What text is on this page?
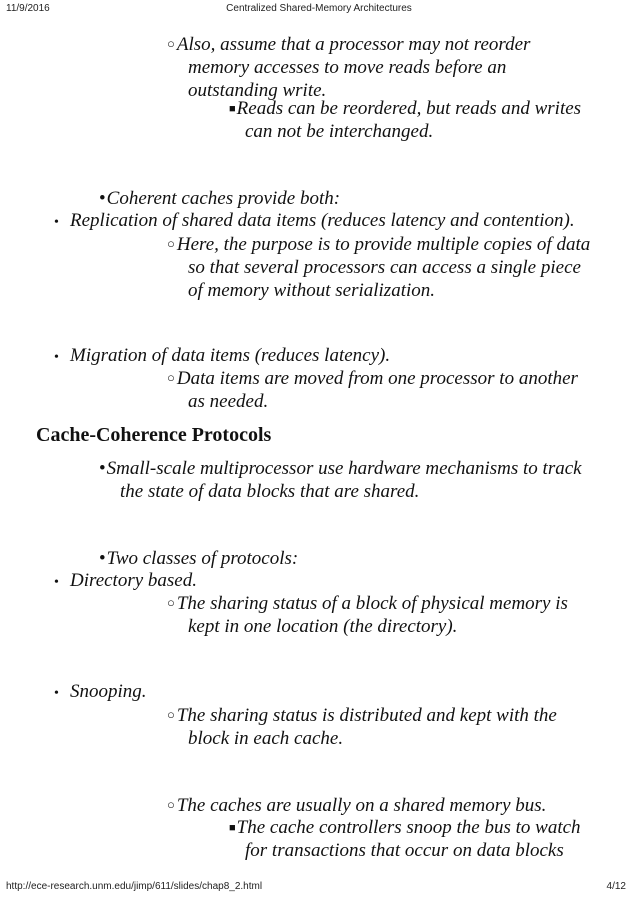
11/9/2016	Centralized Shared-Memory Architectures
○ Also, assume that a processor may not reorder
memory accesses to move reads before an
outstanding write.
■Reads can be reordered, but reads and writes
can not be interchanged.
•Coherent caches provide both:
• Replication of shared data items (reduces latency and contention).
○ Here, the purpose is to provide multiple copies of data
so that several processors can access a single piece
of memory without serialization.
• Migration of data items (reduces latency).
○ Data items are moved from one processor to another
as needed.
Cache-Coherence Protocols
•Small-scale multiprocessor use hardware mechanisms to track
the state of data blocks that are shared.
•Two classes of protocols:
• Directory based.
○ The sharing status of a block of physical memory is
kept in one location (the directory).
• Snooping.
○ The sharing status is distributed and kept with the
block in each cache.
○ The caches are usually on a shared memory bus.
■The cache controllers snoop the bus to watch
for transactions that occur on data blocks
http://ece-research.unm.edu/jimp/611/slides/chap8_2.html	4/12
